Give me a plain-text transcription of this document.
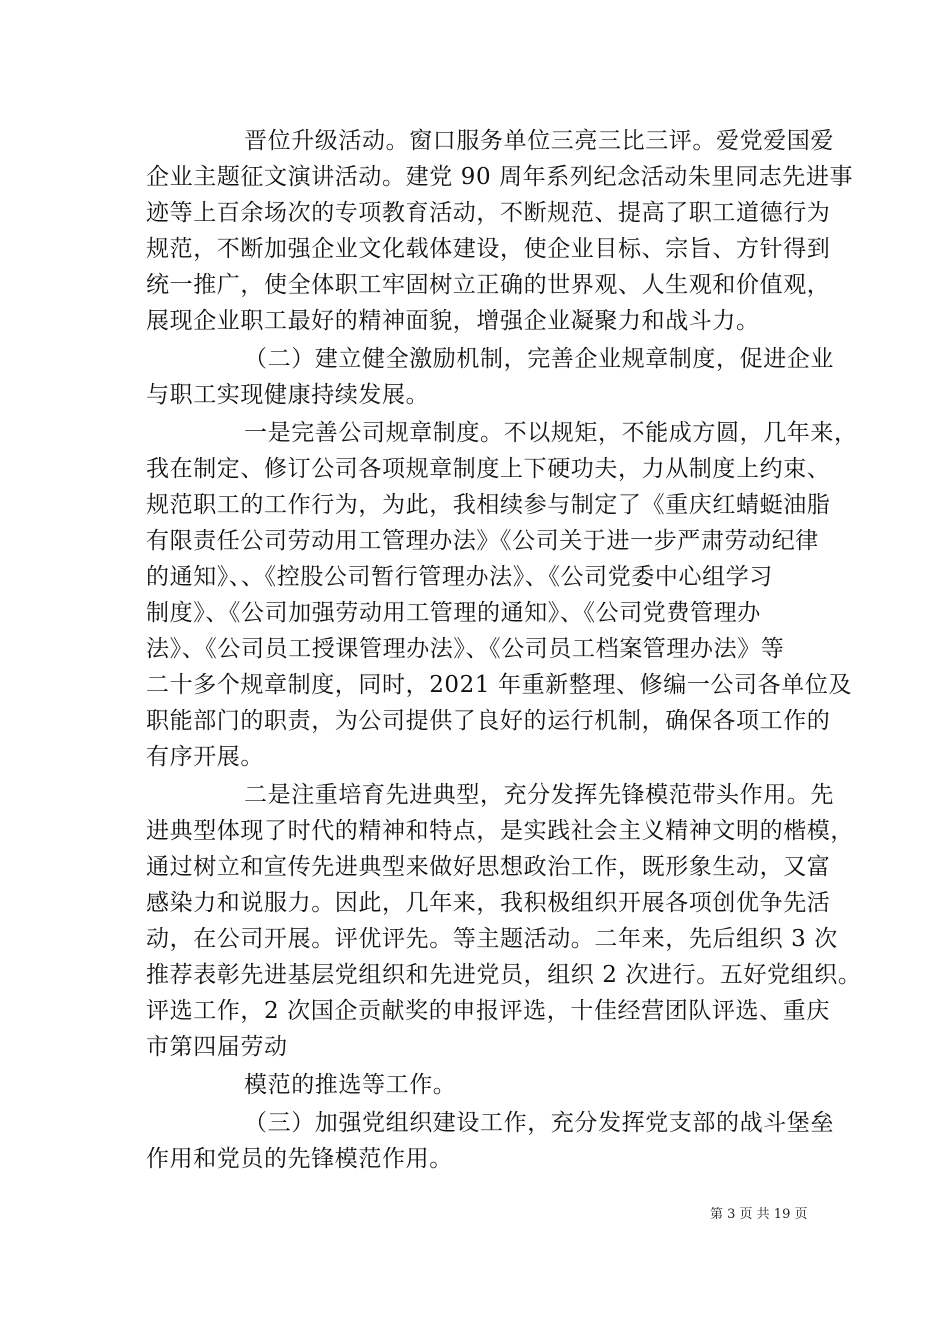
晋位升级活动。窗口服务单位三亮三比三评。爱党爱国爱
企业主题征文演讲活动。建党 90 周年系列纪念活动朱里同志先进事
迹等上百余场次的专项教育活动，不断规范、提高了职工道德行为
规范，不断加强企业文化载体建设，使企业目标、宗旨、方针得到
统一推广，使全体职工牢固树立正确的世界观、人生观和价值观，
展现企业职工最好的精神面貌，增强企业凝聚力和战斗力。
（二）建立健全激励机制，完善企业规章制度，促进企业
与职工实现健康持续发展。
一是完善公司规章制度。不以规矩，不能成方圆，几年来，
我在制定、修订公司各项规章制度上下硬功夫，力从制度上约束、
规范职工的工作行为，为此，我相续参与制定了《重庆红蜻蜓油脂
有限责任公司劳动用工管理办法》《公司关于进一步严肃劳动纪律
的通知》、、《控股公司暂行管理办法》、《公司党委中心组学习
制度》、《公司加强劳动用工管理的通知》、《公司党费管理办
法》、《公司员工授课管理办法》、《公司员工档案管理办法》等
二十多个规章制度，同时，2021 年重新整理、修编一公司各单位及
职能部门的职责，为公司提供了良好的运行机制，确保各项工作的
有序开展。
二是注重培育先进典型，充分发挥先锋模范带头作用。先
进典型体现了时代的精神和特点，是实践社会主义精神文明的楷模，
通过树立和宣传先进典型来做好思想政治工作，既形象生动，又富
感染力和说服力。因此，几年来，我积极组织开展各项创优争先活
动，在公司开展。评优评先。等主题活动。二年来，先后组织 3 次
推荐表彰先进基层党组织和先进党员，组织 2 次进行。五好党组织。
评选工作，2 次国企贡献奖的申报评选，十佳经营团队评选、重庆
市第四届劳动
模范的推选等工作。
（三）加强党组织建设工作，充分发挥党支部的战斗堡垒
作用和党员的先锋模范作用。
第 3 页 共 19 页
